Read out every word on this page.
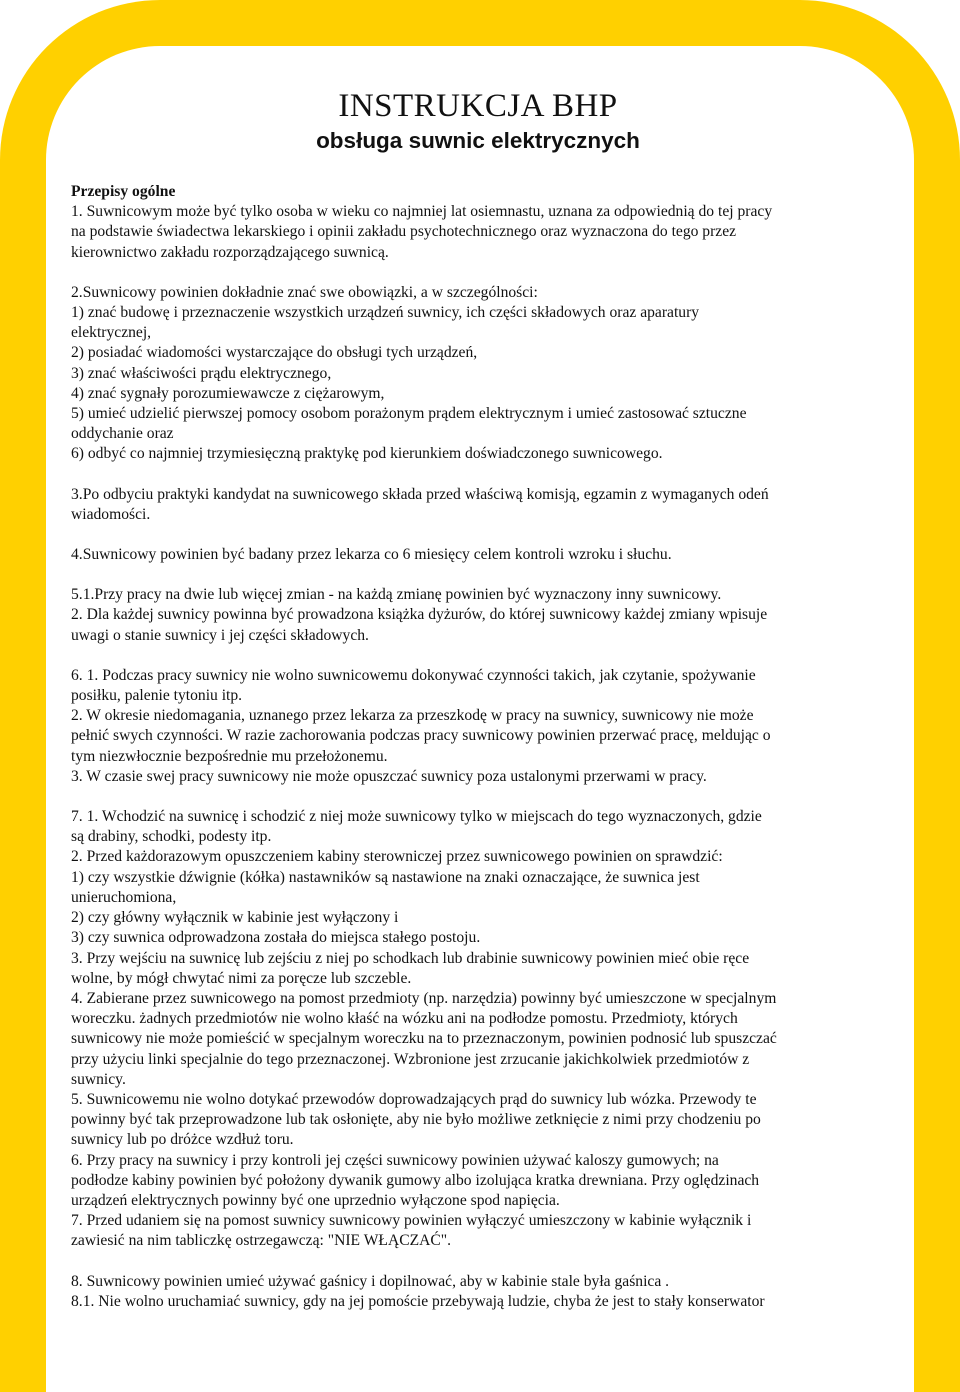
INSTRUKCJA BHP
obsługa suwnic elektrycznych

Przepisy ogólne

1. Suwnicowym może być tylko osoba w wieku co najmniej lat osiemnastu, uznana za odpowiednią do tej pracy
na podstawie świadectwa lekarskiego i opinii zakładu psychotechnicznego oraz wyznaczona do tego przez
kierownictwo zakładu rozporządzającego suwnicą.
2.Suwnicowy powinien dokładnie znać swe obowiązki, a w szczególności:
1) znać budowę i przeznaczenie wszystkich urządzeń suwnicy, ich części składowych oraz aparatury
elektrycznej,
2) posiadać wiadomości wystarczające do obsługi tych urządzeń,
3) znać właściwości prądu elektrycznego,
4) znać sygnały porozumiewawcze z ciężarowym,
5) umieć udzielić pierwszej pomocy osobom porażonym prądem elektrycznym i umieć zastosować sztuczne
oddychanie oraz
6) odbyć co najmniej trzymiesięczną praktykę pod kierunkiem doświadczonego suwnicowego.
3.Po odbyciu praktyki kandydat na suwnicowego składa przed właściwą komisją, egzamin z wymaganych odeń
wiadomości.
4.Suwnicowy powinien być badany przez lekarza co 6 miesięcy celem kontroli wzroku i słuchu.
5.1.Przy pracy na dwie lub więcej zmian - na każdą zmianę powinien być wyznaczony inny suwnicowy.
2. Dla każdej suwnicy powinna być prowadzona książka dyżurów, do której suwnicowy każdej zmiany wpisuje
uwagi o stanie suwnicy i jej części składowych.
6. 1. Podczas pracy suwnicy nie wolno suwnicowemu dokonywać czynności takich, jak czytanie, spożywanie
posiłku, palenie tytoniu itp.
2. W okresie niedomagania, uznanego przez lekarza za przeszkodę w pracy na suwnicy, suwnicowy nie może
pełnić swych czynności. W razie zachorowania podczas pracy suwnicowy powinien przerwać pracę, meldując o
tym niezwłocznie bezpośrednie mu przełożonemu.
3. W czasie swej pracy suwnicowy nie może opuszczać suwnicy poza ustalonymi przerwami w pracy.
7. 1. Wchodzić na suwnicę i schodzić z niej może suwnicowy tylko w miejscach do tego wyznaczonych, gdzie
są drabiny, schodki, podesty itp.
2. Przed każdorazowym opuszczeniem kabiny sterowniczej przez suwnicowego powinien on sprawdzić:
1) czy wszystkie dźwignie (kółka) nastawników są nastawione na znaki oznaczające, że suwnica jest
unieruchomiona,
2) czy główny wyłącznik w kabinie jest wyłączony i
3) czy suwnica odprowadzona została do miejsca stałego postoju.
3. Przy wejściu na suwnicę lub zejściu z niej po schodkach lub drabinie suwnicowy powinien mieć obie ręce
wolne, by mógł chwytać nimi za poręcze lub szczeble.
4. Zabierane przez suwnicowego na pomost przedmioty (np. narzędzia) powinny być umieszczone w specjalnym
woreczku. żadnych przedmiotów nie wolno kłaść na wózku ani na podłodze pomostu. Przedmioty, których
suwnicowy nie może pomieścić w specjalnym woreczku na to przeznaczonym, powinien podnosić lub spuszczać
przy użyciu linki specjalnie do tego przeznaczonej. Wzbronione jest zrzucanie jakichkolwiek przedmiotów z
suwnicy.
5. Suwnicowemu nie wolno dotykać przewodów doprowadzających prąd do suwnicy lub wózka. Przewody te
powinny być tak przeprowadzone lub tak osłonięte, aby nie było możliwe zetknięcie z nimi przy chodzeniu po
suwnicy lub po dróżce wzdłuż toru.
6. Przy pracy na suwnicy i przy kontroli jej części suwnicowy powinien używać kaloszy gumowych; na
podłodze kabiny powinien być położony dywanik gumowy albo izolująca kratka drewniana. Przy oględzinach
urządzeń elektrycznych powinny być one uprzednio wyłączone spod napięcia.
7. Przed udaniem się na pomost suwnicy suwnicowy powinien wyłączyć umieszczony w kabinie wyłącznik i
zawiesić na nim tabliczkę ostrzegawczą: "NIE WŁĄCZAĆ".
8. Suwnicowy powinien umieć używać gaśnicy i dopilnować, aby w kabinie stale była gaśnica .
8.1. Nie wolno uruchamiać suwnicy, gdy na jej pomoście przebywają ludzie, chyba że jest to stały konserwator
